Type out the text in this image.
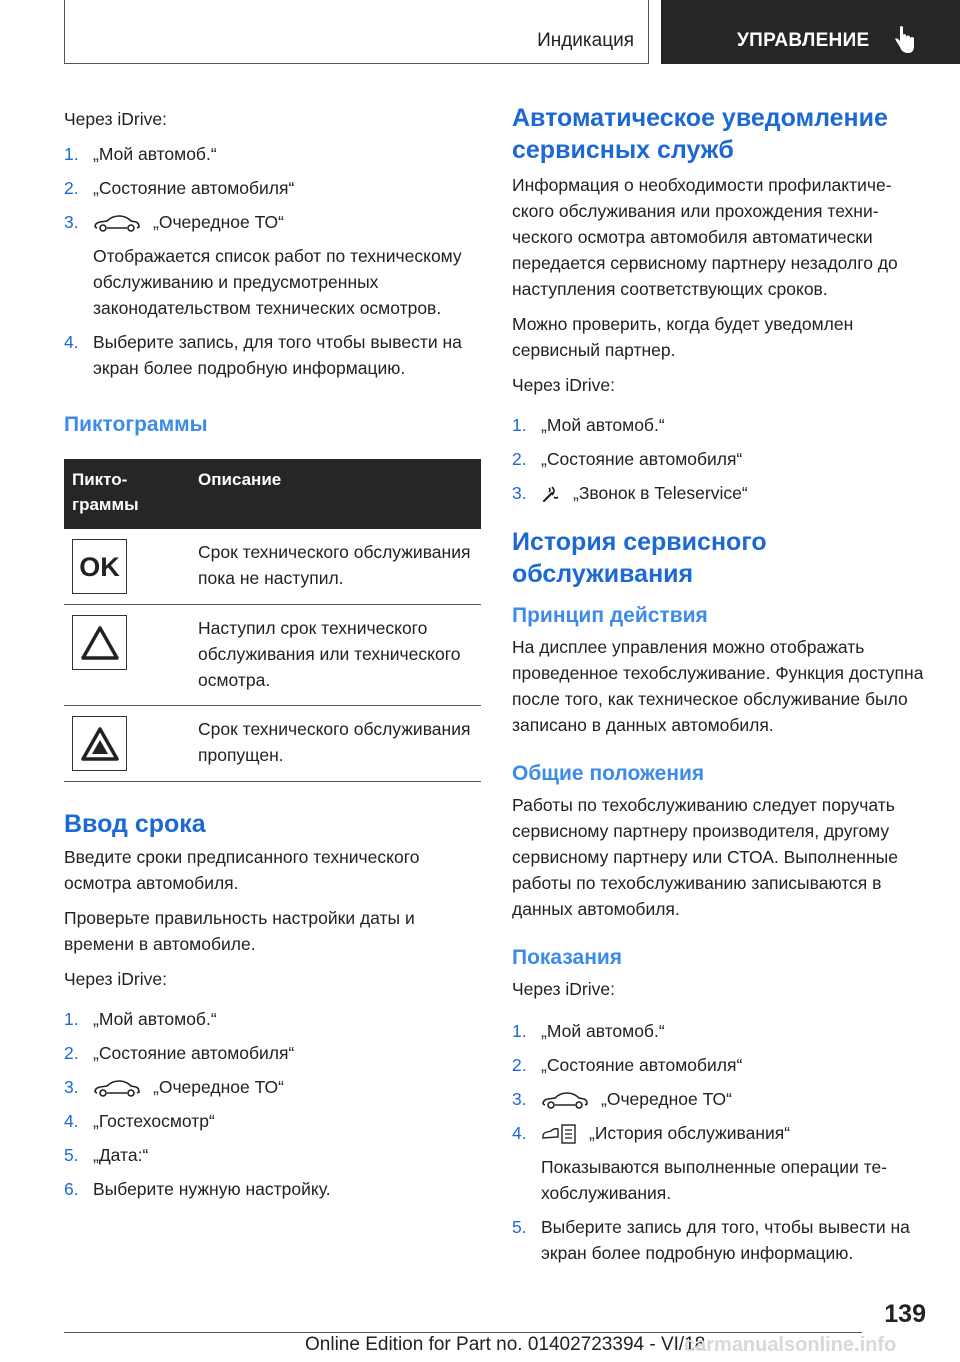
Индикация	УПРАВЛЕНИЕ

Через iDrive:

1. „Мой автомоб.“
2. „Состояние автомобиля“
3.	„Очередное ТО“
Отображается список работ по техническому обслуживанию и предусмотренных законодательством технических осмотров.
4. Выберите запись, для того чтобы вывести на экран более подробную информацию.
Пиктограммы
Пиктограммы	Описание

OK	Срок технического обслуживания пока не наступил.

	Наступил срок технического обслуживания или технического осмотра.

	Срок технического обслуживания пропущен.
Ввод срока

Введите сроки предписанного технического осмотра автомобиля.

Проверьте правильность настройки даты и времени в автомобиле.

Через iDrive:

1. „Мой автомоб.“
2. „Состояние автомобиля“
3.	„Очередное ТО“
4. „Гостехосмотр“
5. „Дата:“
6. Выберите нужную настройку.
Автоматическое уведомление сервисных служб

Информация о необходимости профилактического обслуживания или прохождения технического осмотра автомобиля автоматически передается сервисному партнеру незадолго до наступления соответствующих сроков.

Можно проверить, когда будет уведомлен сервисный партнер.

Через iDrive:

1. „Мой автомоб.“
2. „Состояние автомобиля“
3.	„Звонок в Teleservice“
История сервисного обслуживания
Принцип действия

На дисплее управления можно отображать проведенное техобслуживание. Функция доступна после того, как техническое обслуживание было записано в данных автомобиля.

Общие положения

Работы по техобслуживанию следует поручать сервисному партнеру производителя, другому сервисному партнеру или СТОА. Выполненные работы по техобслуживанию записываются в данных автомобиля.

Показания

Через iDrive:

1. „Мой автомоб.“
2. „Состояние автомобиля“
3.	„Очередное ТО“
4.	„История обслуживания“
Показываются выполненные операции техобслуживания.
5. Выберите запись для того, чтобы вывести на экран более подробную информацию.
139
Online Edition for Part no. 01402723394 - VI/18
carmanualsonline.info
